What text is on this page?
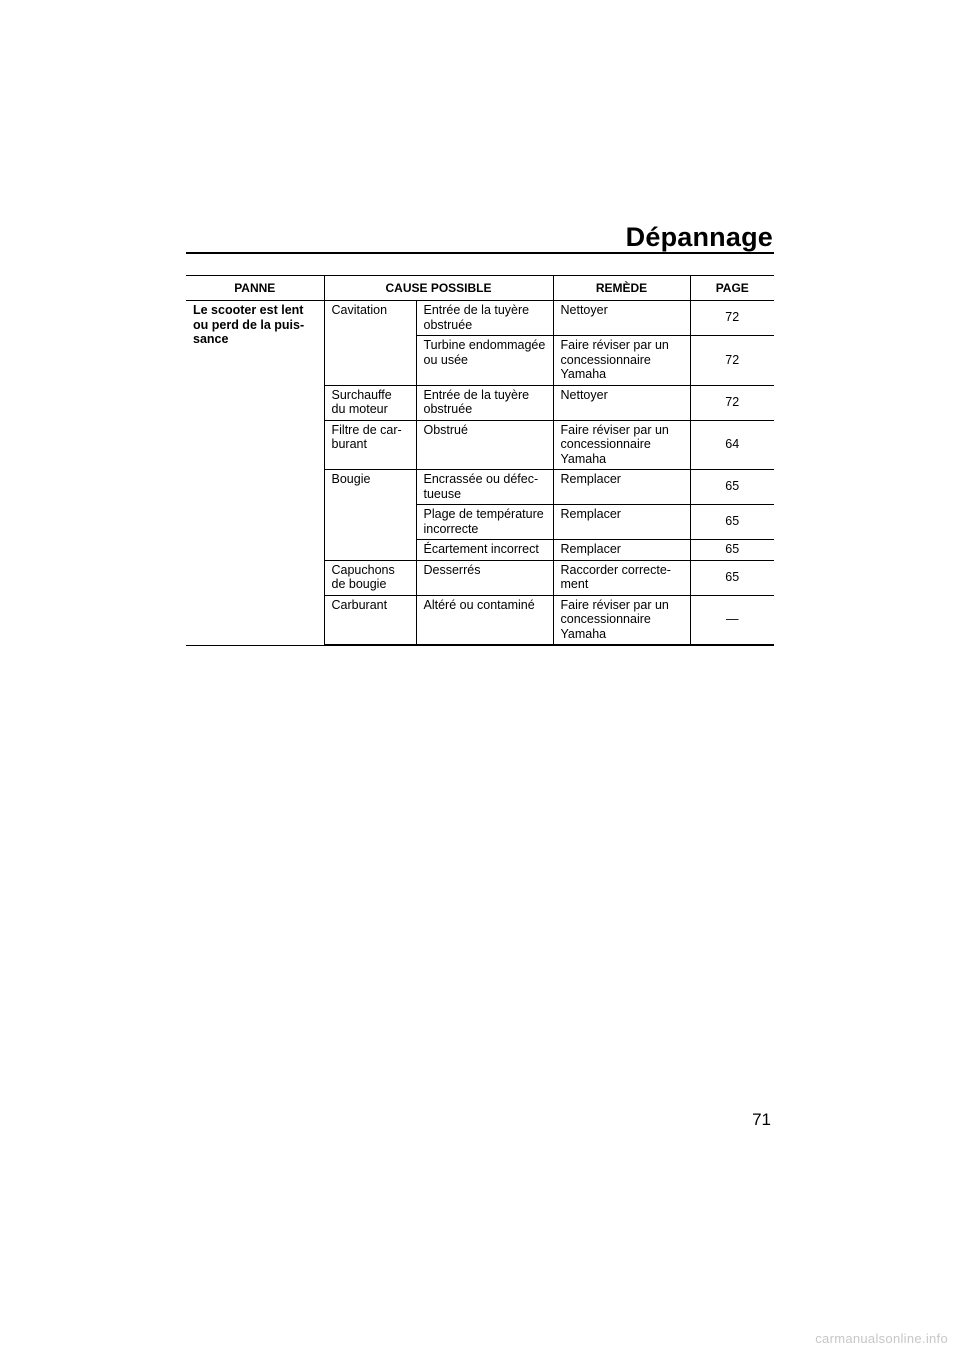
Dépannage
PANNE	CAUSE POSSIBLE		REMÈDE	PAGE
Le scooter est lent ou perd de la puis-sance	Cavitation	Entrée de la tuyère obstruée	Nettoyer	72
		Turbine endommagée ou usée	Faire réviser par un concessionnaire Yamaha	72
	Surchauffe du moteur	Entrée de la tuyère obstruée	Nettoyer	72
	Filtre de car-burant	Obstrué	Faire réviser par un concessionnaire Yamaha	64
	Bougie	Encrassée ou défec-tueuse	Remplacer	65
		Plage de température incorrecte	Remplacer	65
		Écartement incorrect	Remplacer	65
	Capuchons de bougie	Desserrés	Raccorder correcte-ment	65
	Carburant	Altéré ou contaminé	Faire réviser par un concessionnaire Yamaha	—
71
carmanualsonline.info
